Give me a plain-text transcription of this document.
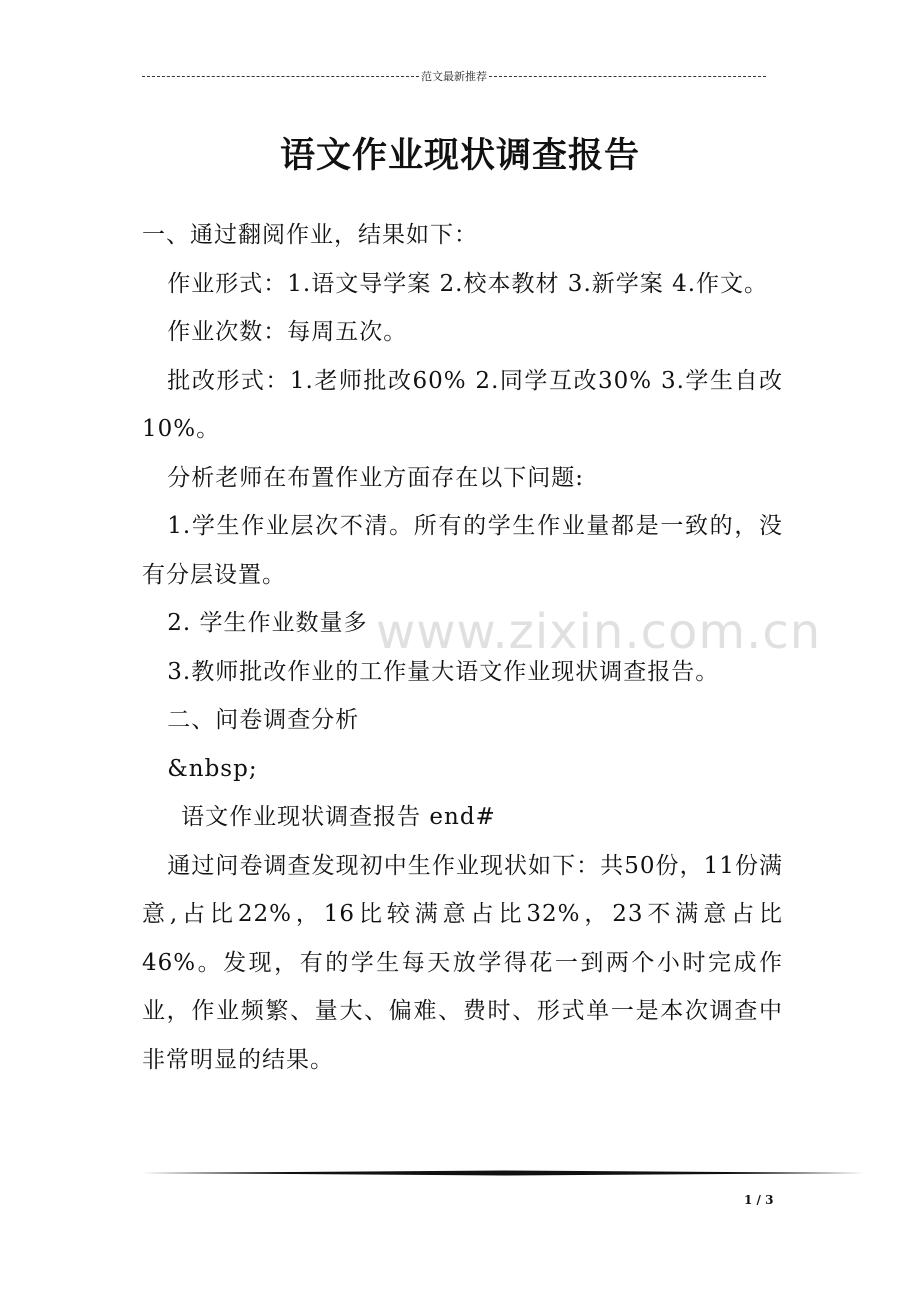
范文最新推荐
语文作业现状调查报告

一、通过翻阅作业，结果如下：

作业形式：1.语文导学案 2.校本教材 3.新学案 4.作文。

作业次数：每周五次。

批改形式：1.老师批改60% 2.同学互改30% 3.学生自改10%。

分析老师在布置作业方面存在以下问题:

1.学生作业层次不清。所有的学生作业量都是一致的，没有分层设置。

2. 学生作业数量多

3.教师批改作业的工作量大语文作业现状调查报告。

二、问卷调查分析

&nbsp;

语文作业现状调查报告 end#

通过问卷调查发现初中生作业现状如下：共50份，11份满意,占比22%，16比较满意占比32%，23不满意占比46%。发现，有的学生每天放学得花一到两个小时完成作业，作业频繁、量大、偏难、费时、形式单一是本次调查中非常明显的结果。

www.zixin.com.cn
1 / 3
